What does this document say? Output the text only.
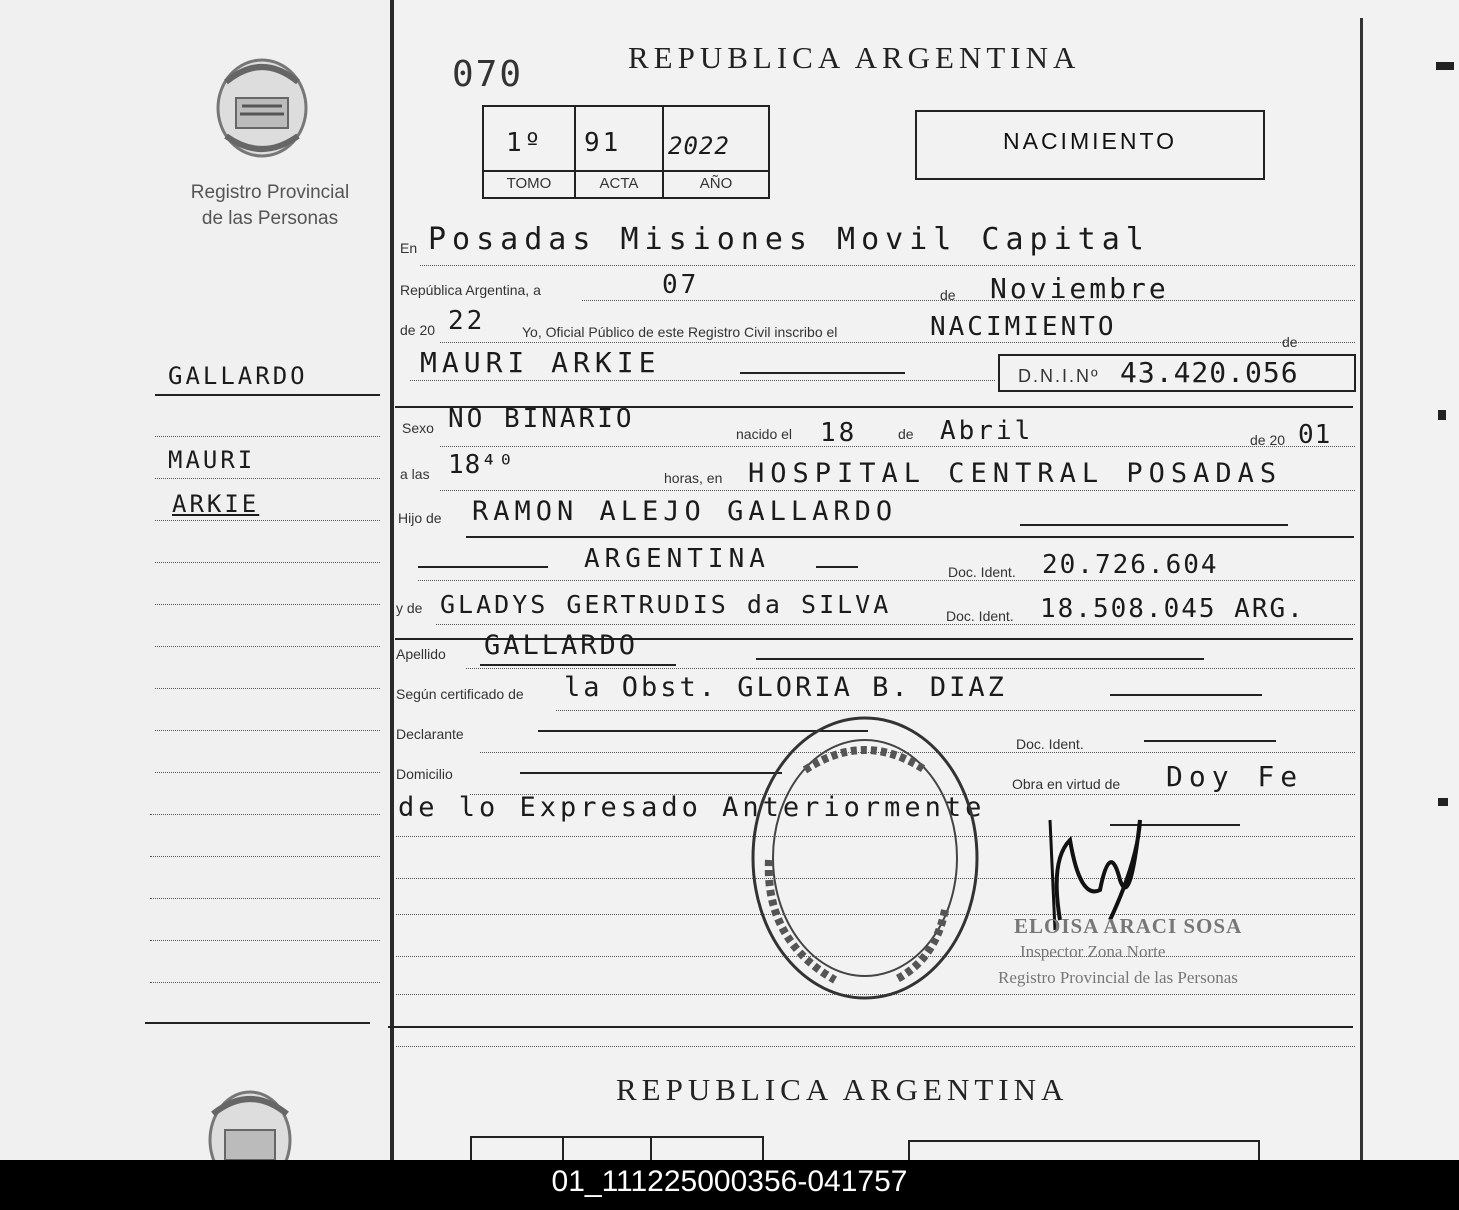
Registro Provincial
de las Personas
GALLARDO
MAURI
ARKIE
070	REPUBLICA ARGENTINA
1º 91 2022
TOMO	ACTA	AÑO
NACIMIENTO
En Posadas Misiones Movil Capital
República Argentina, a	07	de Noviembre
de 20 22	Yo, Oficial Público de este Registro Civil inscribo el	NACIMIENTO	de
MAURI ARKIE	D.N.I.Nº 43.420.056
Sexo NO BINARIO	nacido el 18	de Abril	de 20 01
a las 18⁴⁰	horas, en HOSPITAL CENTRAL POSADAS
Hijo de RAMON ALEJO GALLARDO
ARGENTINA	Doc. Ident. 20.726.604
y de GLADYS GERTRUDIS da SILVA	Doc. Ident. 18.508.045 ARG.
Apellido GALLARDO
Según certificado de la Obst. GLORIA B. DIAZ
Declarante
Doc. Ident.
Domicilio
Obra en virtud de Doy Fe
de lo Expresado Anteriormente
ELOISA ARACI SOSA
Inspector Zona Norte
Registro Provincial de las Personas
REPUBLICA ARGENTINA
01_111225000356-041757
